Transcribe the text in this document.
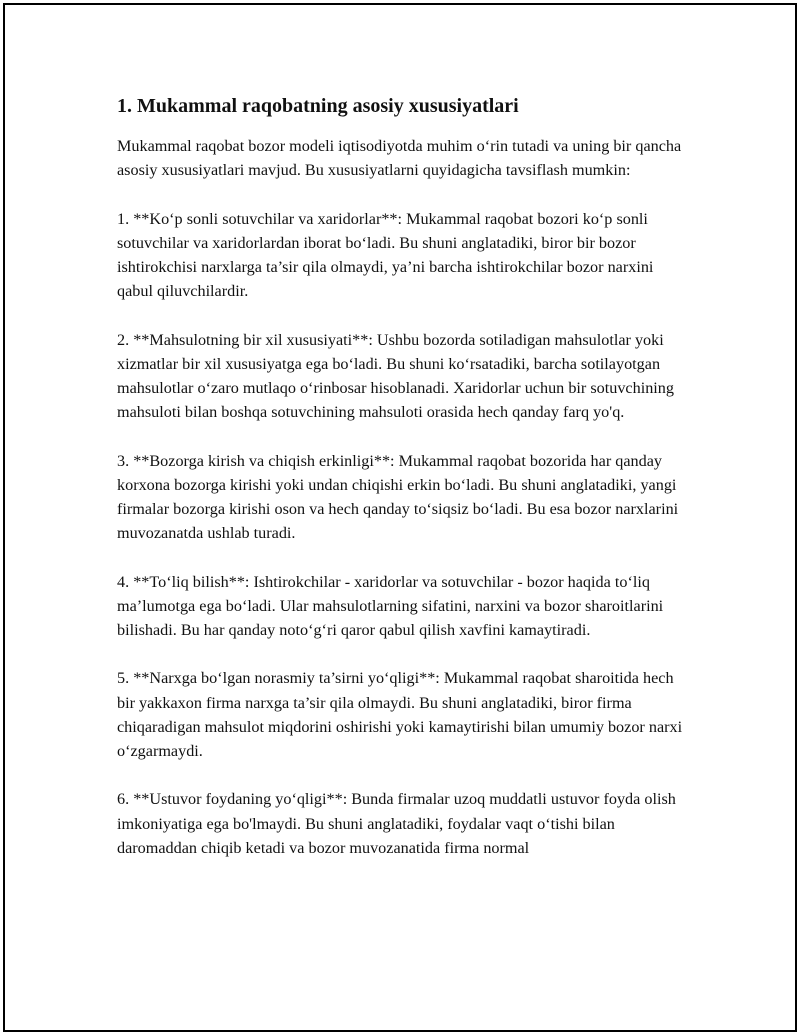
1. Mukammal raqobatning asosiy xususiyatlari

Mukammal raqobat bozor modeli iqtisodiyotda muhim o‘rin tutadi va uning bir qancha asosiy xususiyatlari mavjud. Bu xususiyatlarni quyidagicha tavsiflash mumkin:

1. **Ko‘p sonli sotuvchilar va xaridorlar**: Mukammal raqobat bozori ko‘p sonli sotuvchilar va xaridorlardan iborat bo‘ladi. Bu shuni anglatadiki, biror bir bozor ishtirokchisi narxlarga ta’sir qila olmaydi, ya’ni barcha ishtirokchilar bozor narxini qabul qiluvchilardir.

2. **Mahsulotning bir xil xususiyati**: Ushbu bozorda sotiladigan mahsulotlar yoki xizmatlar bir xil xususiyatga ega bo‘ladi. Bu shuni ko‘rsatadiki, barcha sotilayotgan mahsulotlar o‘zaro mutlaqo o‘rinbosar hisoblanadi. Xaridorlar uchun bir sotuvchining mahsuloti bilan boshqa sotuvchining mahsuloti orasida hech qanday farq yo'q.

3. **Bozorga kirish va chiqish erkinligi**: Mukammal raqobat bozorida har qanday korxona bozorga kirishi yoki undan chiqishi erkin bo‘ladi. Bu shuni anglatadiki, yangi firmalar bozorga kirishi oson va hech qanday to‘siqsiz bo‘ladi. Bu esa bozor narxlarini muvozanatda ushlab turadi.

4. **To‘liq bilish**: Ishtirokchilar - xaridorlar va sotuvchilar - bozor haqida to‘liq ma’lumotga ega bo‘ladi. Ular mahsulotlarning sifatini, narxini va bozor sharoitlarini bilishadi. Bu har qanday noto‘g‘ri qaror qabul qilish xavfini kamaytiradi.

5. **Narxga bo‘lgan norasmiy ta’sirni yo‘qligi**: Mukammal raqobat sharoitida hech bir yakkaxon firma narxga ta’sir qila olmaydi. Bu shuni anglatadiki, biror firma chiqaradigan mahsulot miqdorini oshirishi yoki kamaytirishi bilan umumiy bozor narxi o‘zgarmaydi.

6. **Ustuvor foydaning yo‘qligi**: Bunda firmalar uzoq muddatli ustuvor foyda olish imkoniyatiga ega bo'lmaydi. Bu shuni anglatadiki, foydalar vaqt o‘tishi bilan daromaddan chiqib ketadi va bozor muvozanatida firma normal
